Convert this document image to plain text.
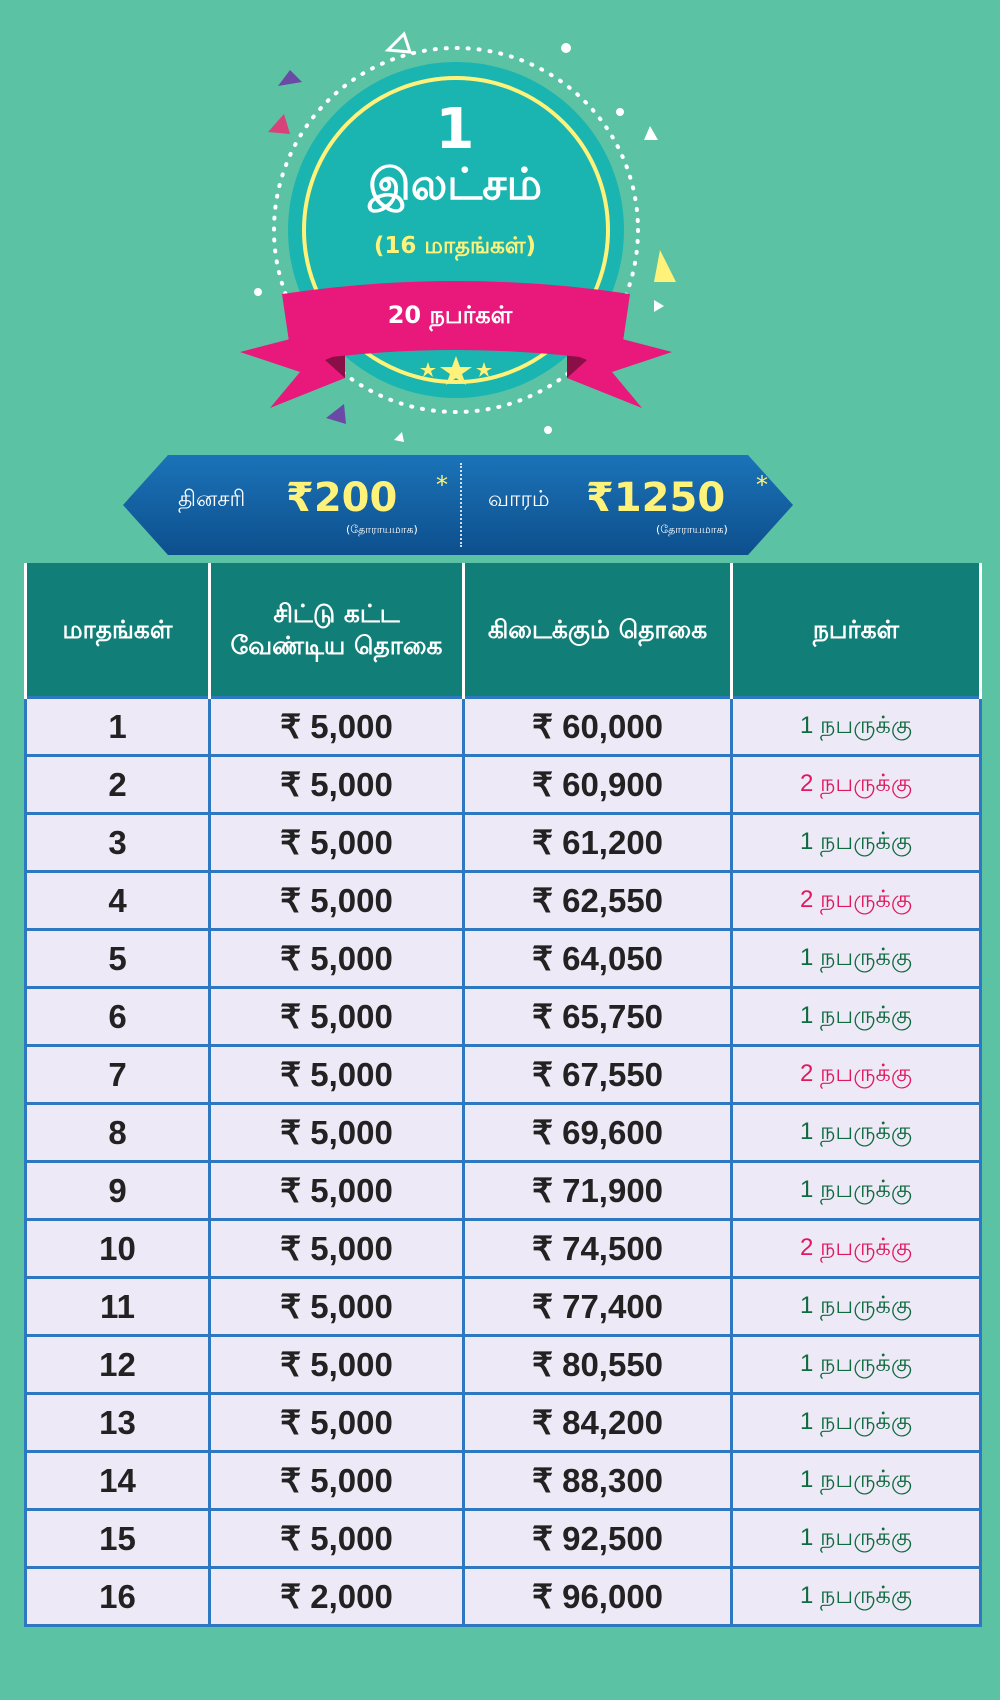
1
இலட்சம்
(16 மாதங்கள்)
20 நபர்கள்
தினசரி ₹200 *
(தோராயமாக)
வாரம் ₹1250 *
(தோராயமாக)
மாதங்கள்	சிட்டு கட்ட வேண்டிய தொகை	கிடைக்கும் தொகை	நபர்கள்
1	₹ 5,000	₹ 60,000	1 நபருக்கு
2	₹ 5,000	₹ 60,900	2 நபருக்கு
3	₹ 5,000	₹ 61,200	1 நபருக்கு
4	₹ 5,000	₹ 62,550	2 நபருக்கு
5	₹ 5,000	₹ 64,050	1 நபருக்கு
6	₹ 5,000	₹ 65,750	1 நபருக்கு
7	₹ 5,000	₹ 67,550	2 நபருக்கு
8	₹ 5,000	₹ 69,600	1 நபருக்கு
9	₹ 5,000	₹ 71,900	1 நபருக்கு
10	₹ 5,000	₹ 74,500	2 நபருக்கு
11	₹ 5,000	₹ 77,400	1 நபருக்கு
12	₹ 5,000	₹ 80,550	1 நபருக்கு
13	₹ 5,000	₹ 84,200	1 நபருக்கு
14	₹ 5,000	₹ 88,300	1 நபருக்கு
15	₹ 5,000	₹ 92,500	1 நபருக்கு
16	₹ 2,000	₹ 96,000	1 நபருக்கு
